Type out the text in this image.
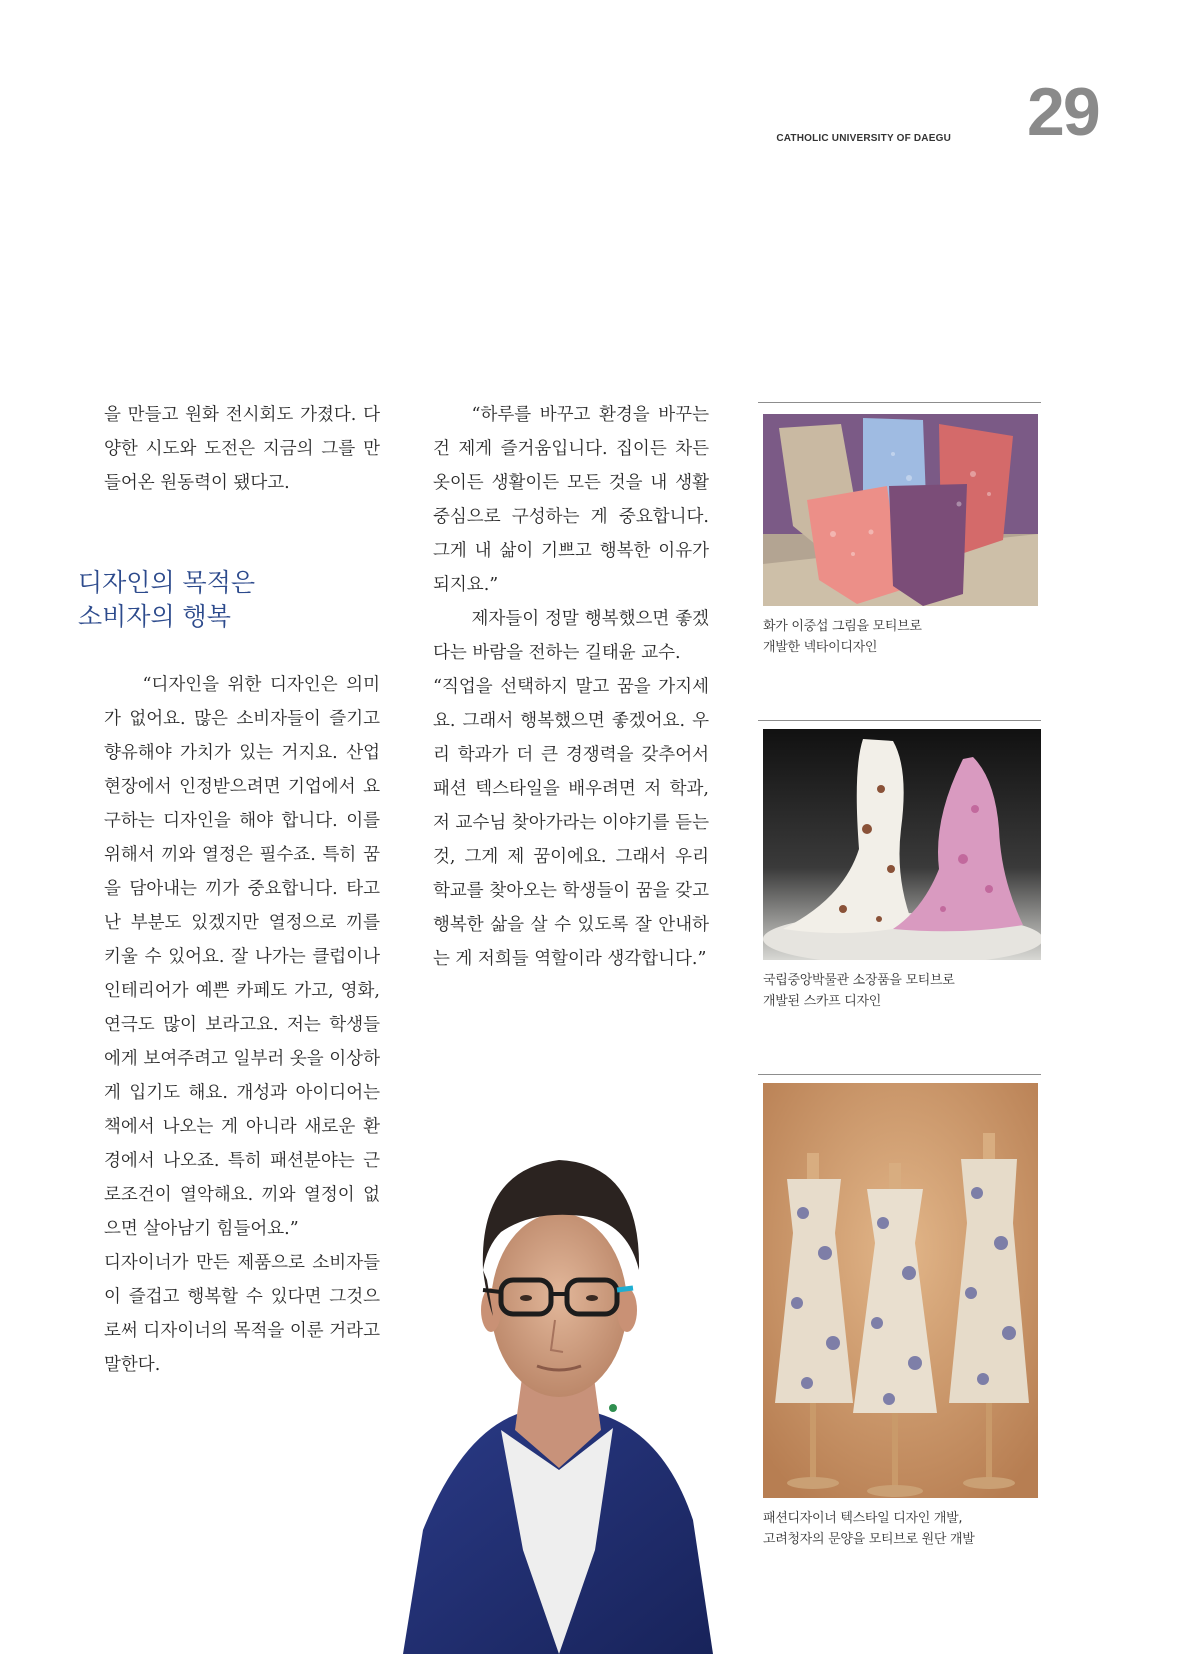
CATHOLIC UNIVERSITY OF DAEGU 29

을 만들고 원화 전시회도 가졌다. 다양한 시도와 도전은 지금의 그를 만들어온 원동력이 됐다고.

디자인의 목적은
소비자의 행복

“디자인을 위한 디자인은 의미가 없어요. 많은 소비자들이 즐기고 향유해야 가치가 있는 거지요. 산업현장에서 인정받으려면 기업에서 요구하는 디자인을 해야 합니다. 이를 위해서 끼와 열정은 필수죠. 특히 꿈을 담아내는 끼가 중요합니다. 타고난 부분도 있겠지만 열정으로 끼를 키울 수 있어요. 잘 나가는 클럽이나 인테리어가 예쁜 카페도 가고, 영화, 연극도 많이 보라고요. 저는 학생들에게 보여주려고 일부러 옷을 이상하게 입기도 해요. 개성과 아이디어는 책에서 나오는 게 아니라 새로운 환경에서 나오죠. 특히 패션분야는 근로조건이 열악해요. 끼와 열정이 없으면 살아남기 힘들어요.”

디자이너가 만든 제품으로 소비자들이 즐겁고 행복할 수 있다면 그것으로써 디자이너의 목적을 이룬 거라고 말한다.

“하루를 바꾸고 환경을 바꾸는 건 제게 즐거움입니다. 집이든 차든 옷이든 생활이든 모든 것을 내 생활 중심으로 구성하는 게 중요합니다. 그게 내 삶이 기쁘고 행복한 이유가 되지요.”

제자들이 정말 행복했으면 좋겠다는 바람을 전하는 길태윤 교수.

“직업을 선택하지 말고 꿈을 가지세요. 그래서 행복했으면 좋겠어요. 우리 학과가 더 큰 경쟁력을 갖추어서 패션 텍스타일을 배우려면 저 학과, 저 교수님 찾아가라는 이야기를 듣는 것, 그게 제 꿈이에요. 그래서 우리 학교를 찾아오는 학생들이 꿈을 갖고 행복한 삶을 살 수 있도록 잘 안내하는 게 저희들 역할이라 생각합니다.”

화가 이중섭 그림을 모티브로

개발한 넥타이디자인

국립중앙박물관 소장품을 모티브로

개발된 스카프 디자인

패션디자이너 텍스타일 디자인 개발,

고려청자의 문양을 모티브로 원단 개발
